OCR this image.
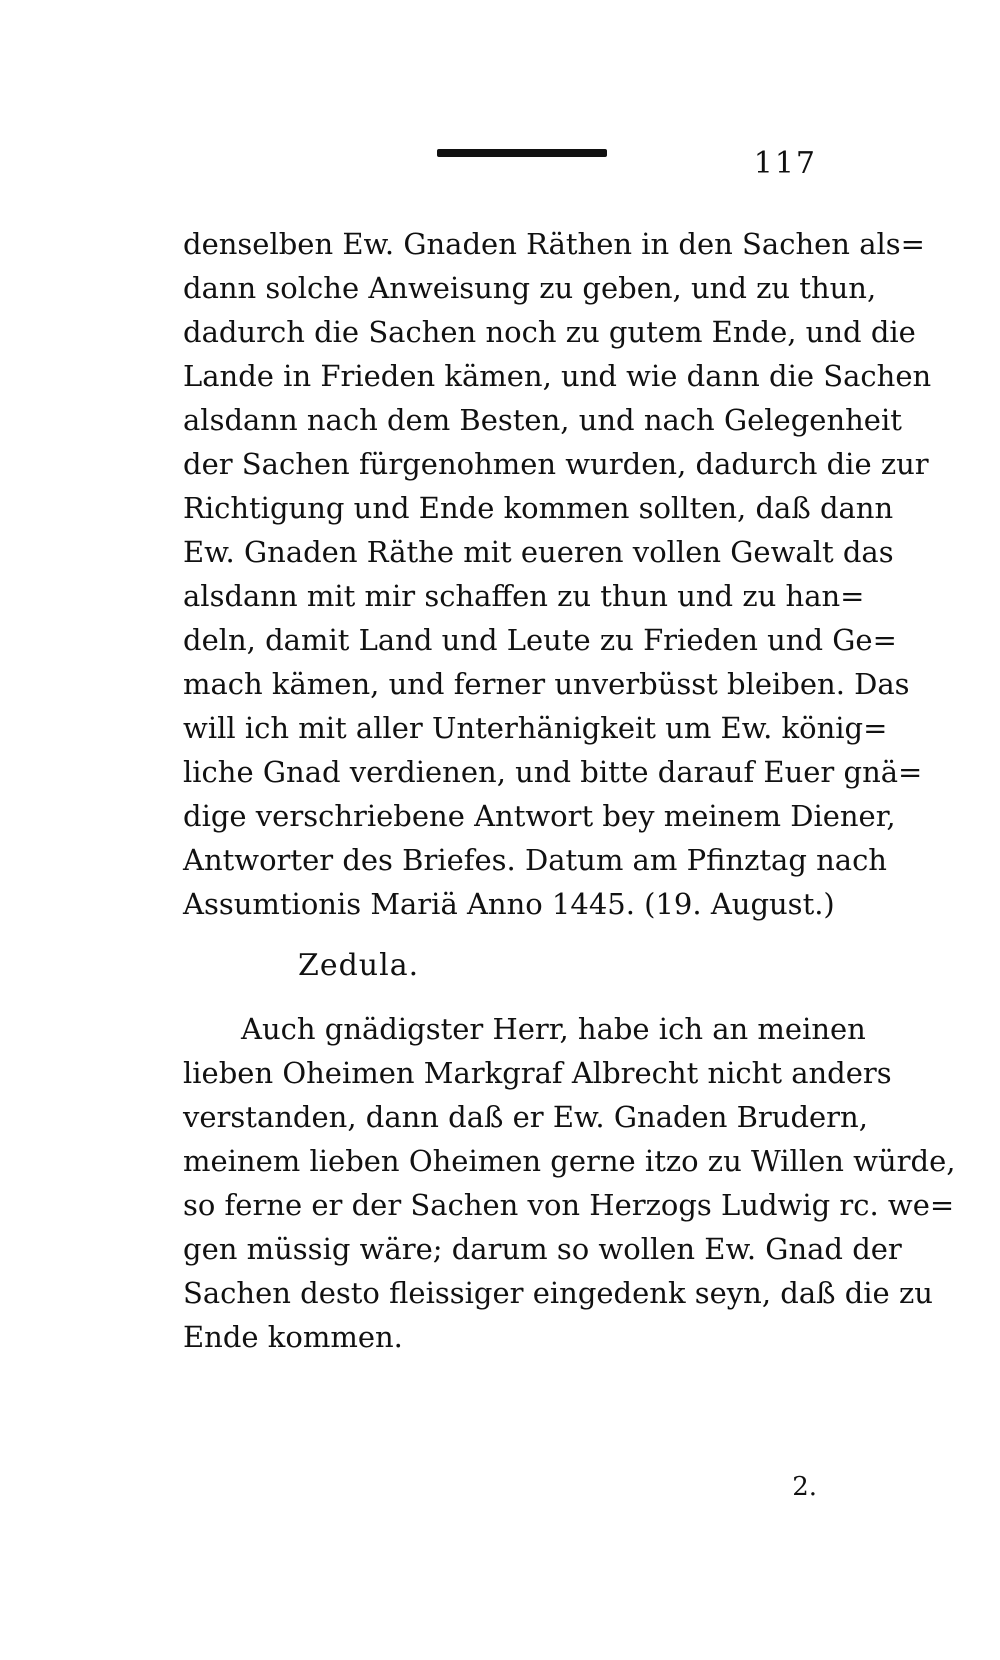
117
denselben Ew. Gnaden Räthen in den Sachen als=
dann solche Anweisung zu geben, und zu thun,
dadurch die Sachen noch zu gutem Ende, und die
Lande in Frieden kämen, und wie dann die Sachen
alsdann nach dem Besten, und nach Gelegenheit
der Sachen fürgenohmen wurden, dadurch die zur
Richtigung und Ende kommen sollten, daß dann
Ew. Gnaden Räthe mit eueren vollen Gewalt das
alsdann mit mir schaffen zu thun und zu han=
deln, damit Land und Leute zu Frieden und Ge=
mach kämen, und ferner unverbüsst bleiben. Das
will ich mit aller Unterhänigkeit um Ew. könig=
liche Gnad verdienen, und bitte darauf Euer gnä=
dige verschriebene Antwort bey meinem Diener,
Antworter des Briefes. Datum am Pfinztag nach
Assumtionis Mariä Anno 1445. (19. August.)
Zedula.
Auch gnädigster Herr, habe ich an meinen
lieben Oheimen Markgraf Albrecht nicht anders
verstanden, dann daß er Ew. Gnaden Brudern,
meinem lieben Oheimen gerne itzo zu Willen würde,
so ferne er der Sachen von Herzogs Ludwig rc. we=
gen müssig wäre; darum so wollen Ew. Gnad der
Sachen desto fleissiger eingedenk seyn, daß die zu
Ende kommen.
2.
